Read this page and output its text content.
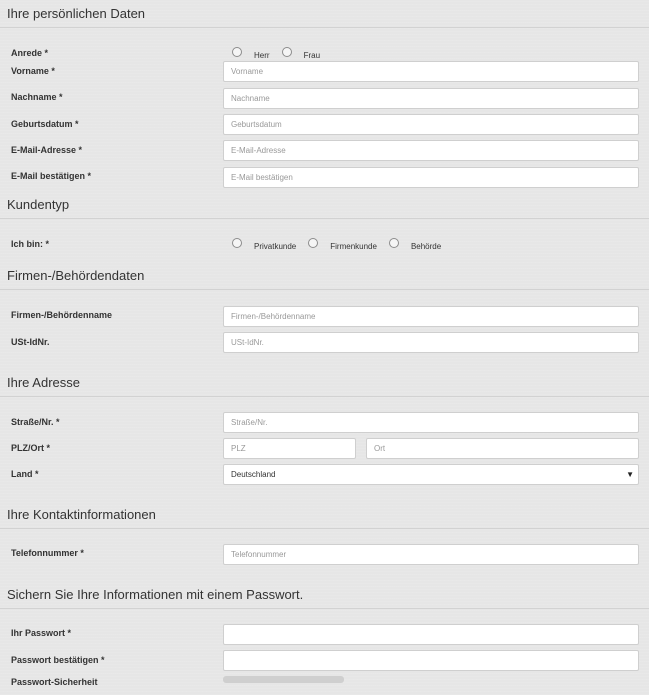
Ihre persönlichen Daten
Anrede *	Herr	Frau
Vorname *	Vorname
Nachname *	Nachname
Geburtsdatum *	Geburtsdatum
E-Mail-Adresse *	E-Mail-Adresse
E-Mail bestätigen *	E-Mail bestätigen
Kundentyp
Ich bin: *	Privatkunde	Firmenkunde	Behörde
Firmen-/Behördendaten
Firmen-/Behördenname	Firmen-/Behördenname
USt-IdNr.	USt-IdNr.
Ihre Adresse
Straße/Nr. *	Straße/Nr.
PLZ/Ort *	PLZ	Ort
Land *	Deutschland	▼
Ihre Kontaktinformationen
Telefonnummer *	Telefonnummer
Sichern Sie Ihre Informationen mit einem Passwort.
Ihr Passwort *
Passwort bestätigen *
Passwort-Sicherheit
